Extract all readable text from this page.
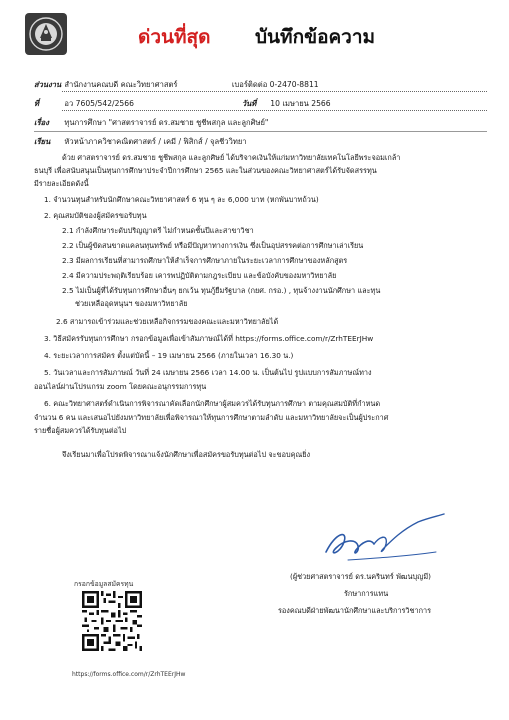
ด่วนที่สุด บันทึกข้อความ
ส่วนงาน สำนักงานคณบดี คณะวิทยาศาสตร์	เบอร์ติดต่อ 0-2470-8811
ที่	อว 7605/542/2566	วันที่ 10 เมษายน 2566
เรื่อง ทุนการศึกษา "ศาสตราจารย์ ดร.สมชาย ชูชีพสกุล และลูกศิษย์"
เรียน หัวหน้าภาควิชาคณิตศาสตร์ / เคมี / ฟิสิกส์ / จุลชีววิทยา
ด้วย ศาสตราจารย์ ดร.สมชาย ชูชีพสกุล และลูกศิษย์ ได้บริจาคเงินให้แก่มหาวิทยาลัยเทคโนโลยีพระจอมเกล้า
ธนบุรี เพื่อสนับสนุนเป็นทุนการศึกษาประจำปีการศึกษา 2565 และในส่วนของคณะวิทยาศาสตร์ได้รับจัดสรรทุน
มีรายละเอียดดังนี้
1. จำนวนทุนสำหรับนักศึกษาคณะวิทยาศาสตร์ 6 ทุน ๆ ละ 6,000 บาท (หกพันบาทถ้วน)
2. คุณสมบัติของผู้สมัครขอรับทุน
2.1 กำลังศึกษาระดับปริญญาตรี ไม่กำหนดชั้นปีและสาขาวิชา
2.2 เป็นผู้ขัดสนขาดแคลนทุนทรัพย์ หรือมีปัญหาทางการเงิน ซึ่งเป็นอุปสรรคต่อการศึกษาเล่าเรียน
2.3 มีผลการเรียนที่สามารถศึกษาให้สำเร็จการศึกษาภายในระยะเวลาการศึกษาของหลักสูตร
2.4 มีความประพฤติเรียบร้อย เคารพปฏิบัติตามกฎระเบียบ และข้อบังคับของมหาวิทยาลัย
2.5 ไม่เป็นผู้ที่ได้รับทุนการศึกษาอื่นๆ ยกเว้น ทุนกู้ยืมรัฐบาล (กยศ. กรอ.) , ทุนจ้างงานนักศึกษา และทุน
ช่วยเหลืออุดหนุนฯ ของมหาวิทยาลัย
2.6 สามารถเข้าร่วมและช่วยเหลือกิจกรรมของคณะและมหาวิทยาลัยได้
3. วิธีสมัครรับทุนการศึกษา กรอกข้อมูลเพื่อเข้าสัมภาษณ์ได้ที่ https://forms.office.com/r/ZrhTEErJHw
4. ระยะเวลาการสมัคร ตั้งแต่บัดนี้ – 19 เมษายน 2566 (ภายในเวลา 16.30 น.)
5. วันเวลาและการสัมภาษณ์ วันที่ 24 เมษายน 2566 เวลา 14.00 น. เป็นต้นไป รูปแบบการสัมภาษณ์ทาง
ออนไลน์ผ่านโปรแกรม zoom โดยคณะอนุกรรมการทุน
6. คณะวิทยาศาสตร์ดำเนินการพิจารณาคัดเลือกนักศึกษาผู้สมควรได้รับทุนการศึกษา ตามคุณสมบัติที่กำหนด
จำนวน 6 คน และเสนอไปยังมหาวิทยาลัยเพื่อพิจารณาให้ทุนการศึกษาตามลำดับ และมหาวิทยาลัยจะเป็นผู้ประกาศ
รายชื่อผู้สมควรได้รับทุนต่อไป
จึงเรียนมาเพื่อโปรดพิจารณาแจ้งนักศึกษาเพื่อสมัครขอรับทุนต่อไป จะขอบคุณยิ่ง
(ผู้ช่วยศาสตราจารย์ ดร.นครินทร์ พัฒนบุญมี)
รักษาการแทน
รองคณบดีฝ่ายพัฒนานักศึกษาและบริการวิชาการ
กรอกข้อมูลสมัครทุน
https://forms.office.com/r/ZrhTEErJHw
